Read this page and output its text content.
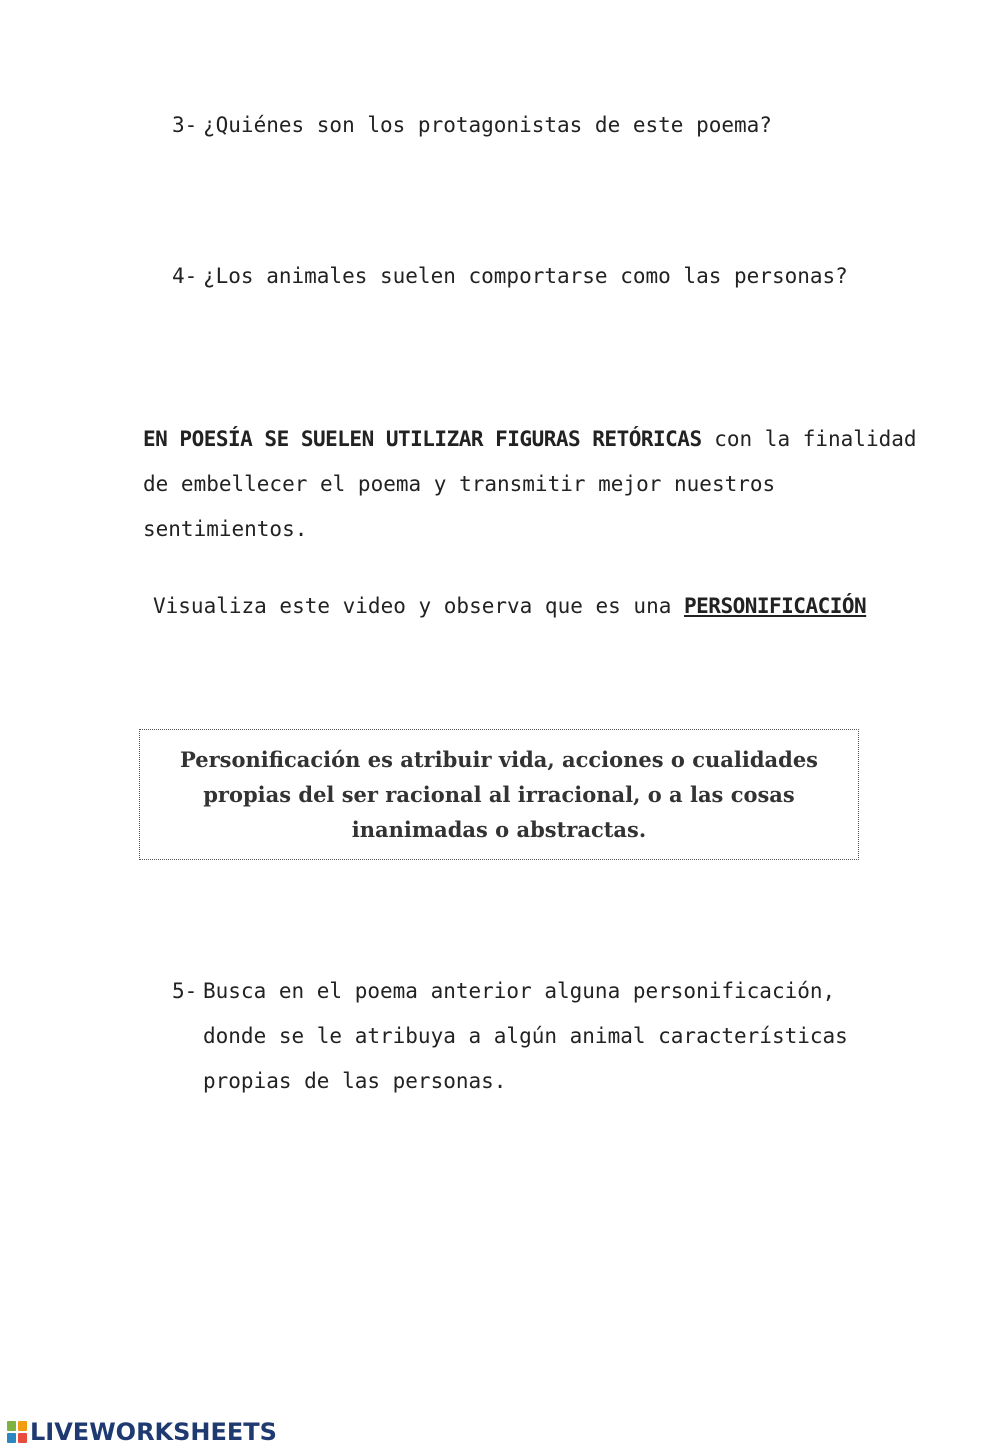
3- ¿Quiénes son los protagonistas de este poema?
4- ¿Los animales suelen comportarse como las personas?

EN POESÍA SE SUELEN UTILIZAR FIGURAS RETÓRICAS con la finalidad de embellecer el poema y transmitir mejor nuestros sentimientos.

Visualiza este video y observa que es una PERSONIFICACIÓN
Personificación es atribuir vida, acciones o cualidades propias del ser racional al irracional, o a las cosas inanimadas o abstractas.
5- Busca en el poema anterior alguna personificación, donde se le atribuya a algún animal características propias de las personas.
LIVEWORKSHEETS
